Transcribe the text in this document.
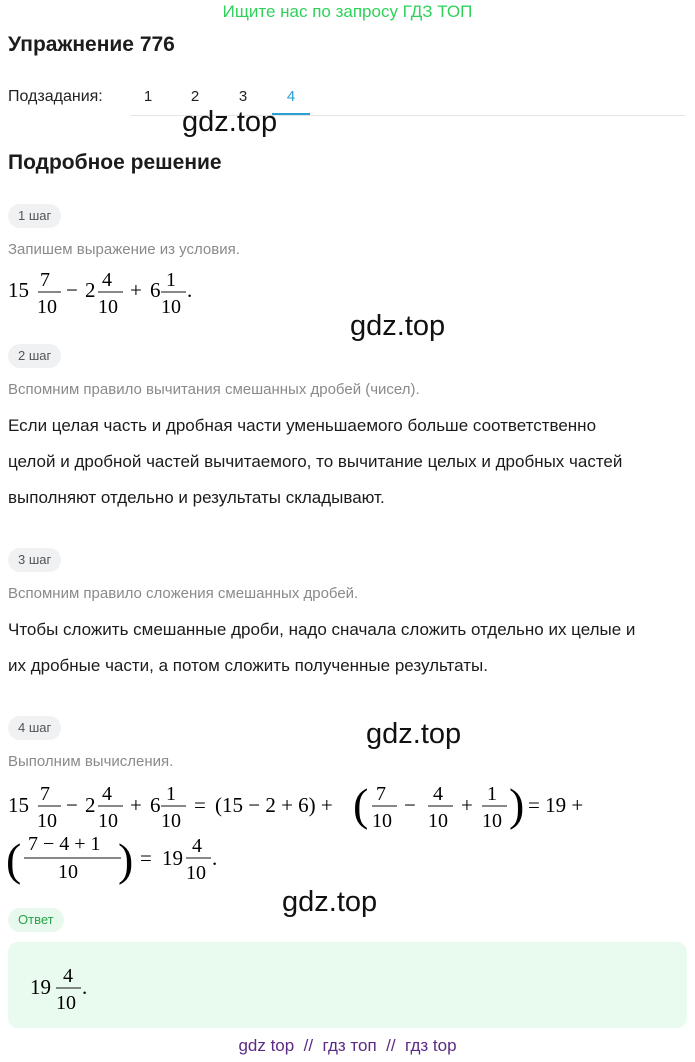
Ищите нас по запросу ГДЗ ТОП
Упражнение 776
Подзадания:	1	2	3	4
gdz.top
Подробное решение
1 шаг
Запишем выражение из условия.
15 7
10
− 2 4
10
+ 6 1
10
.
gdz.top
2 шаг
Вспомним правило вычитания смешанных дробей (чисел).
Если целая часть и дробная части уменьшаемого больше соответственно
целой и дробной частей вычитаемого, то вычитание целых и дробных частей
выполняют отдельно и результаты складывают.
3 шаг
Вспомним правило сложения смешанных дробей.
Чтобы сложить смешанные дроби, надо сначала сложить отдельно их целые и
их дробные части, а потом сложить полученные результаты.
gdz.top
4 шаг
Выполним вычисления.
15 7
10
− 2 4
10
+ 6 1
10
= (15 − 2 + 6) + ( 7
10
− 4
10
+ 1
10 ) = 19 +
( 7 − 4 + 1
10 ) = 19 4
10
.
gdz.top
Ответ
19 4
10
.
gdz top  //  гдз топ  //  гдз top
